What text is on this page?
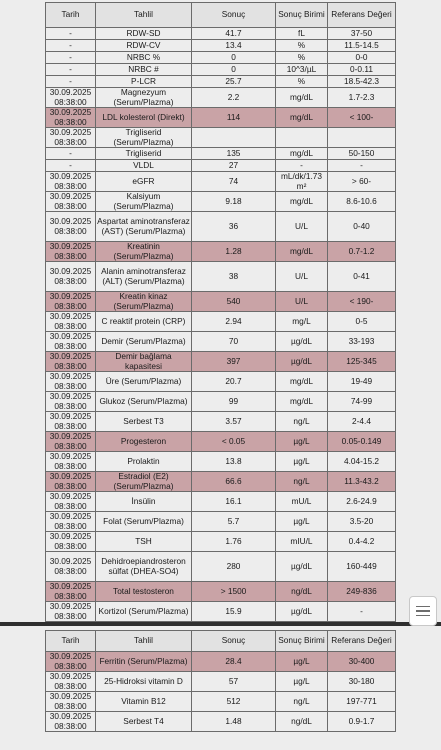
Tarih	Tahlil	Sonuç	Sonuç Birimi	Referans Değeri
-	RDW-SD	41.7	fL	37-50
-	RDW-CV	13.4	%	11.5-14.5
-	NRBC %	0	%	0-0
-	NRBC #	0	10^3/µL	0-0.11
-	P-LCR	25.7	%	18.5-42.3
30.09.2025 08:38:00	Magnezyum (Serum/Plazma)	2.2	mg/dL	1.7-2.3
30.09.2025 08:38:00	LDL kolesterol (Direkt)	114	mg/dL	< 100-
30.09.2025 08:38:00	Trigliserid (Serum/Plazma)			
-	Trigliserid	135	mg/dL	50-150
-	VLDL	27	-	-
30.09.2025 08:38:00	eGFR	74	mL/dk/1.73 m²	> 60-
30.09.2025 08:38:00	Kalsiyum (Serum/Plazma)	9.18	mg/dL	8.6-10.6
30.09.2025 08:38:00	Aspartat aminotransferaz (AST) (Serum/Plazma)	36	U/L	0-40
30.09.2025 08:38:00	Kreatinin (Serum/Plazma)	1.28	mg/dL	0.7-1.2
30.09.2025 08:38:00	Alanin aminotransferaz (ALT) (Serum/Plazma)	38	U/L	0-41
30.09.2025 08:38:00	Kreatin kinaz (Serum/Plazma)	540	U/L	< 190-
30.09.2025 08:38:00	C reaktif protein (CRP)	2.94	mg/L	0-5
30.09.2025 08:38:00	Demir (Serum/Plazma)	70	µg/dL	33-193
30.09.2025 08:38:00	Demir bağlama kapasitesi	397	µg/dL	125-345
30.09.2025 08:38:00	Üre (Serum/Plazma)	20.7	mg/dL	19-49
30.09.2025 08:38:00	Glukoz (Serum/Plazma)	99	mg/dL	74-99
30.09.2025 08:38:00	Serbest T3	3.57	ng/L	2-4.4
30.09.2025 08:38:00	Progesteron	< 0.05	µg/L	0.05-0.149
30.09.2025 08:38:00	Prolaktin	13.8	µg/L	4.04-15.2
30.09.2025 08:38:00	Estradiol (E2) (Serum/Plazma)	66.6	ng/L	11.3-43.2
30.09.2025 08:38:00	İnsülin	16.1	mU/L	2.6-24.9
30.09.2025 08:38:00	Folat (Serum/Plazma)	5.7	µg/L	3.5-20
30.09.2025 08:38:00	TSH	1.76	mIU/L	0.4-4.2
30.09.2025 08:38:00	Dehidroepiandrosteron sülfat (DHEA-SO4)	280	µg/dL	160-449
30.09.2025 08:38:00	Total testosteron	> 1500	ng/dL	249-836
30.09.2025 08:38:00	Kortizol (Serum/Plazma)	15.9	µg/dL	-
Tarih	Tahlil	Sonuç	Sonuç Birimi	Referans Değeri
30.09.2025 08:38:00	Ferritin (Serum/Plazma)	28.4	µg/L	30-400
30.09.2025 08:38:00	25-Hidroksi vitamin D	57	µg/L	30-180
30.09.2025 08:38:00	Vitamin B12	512	ng/L	197-771
30.09.2025 08:38:00	Serbest T4	1.48	ng/dL	0.9-1.7
